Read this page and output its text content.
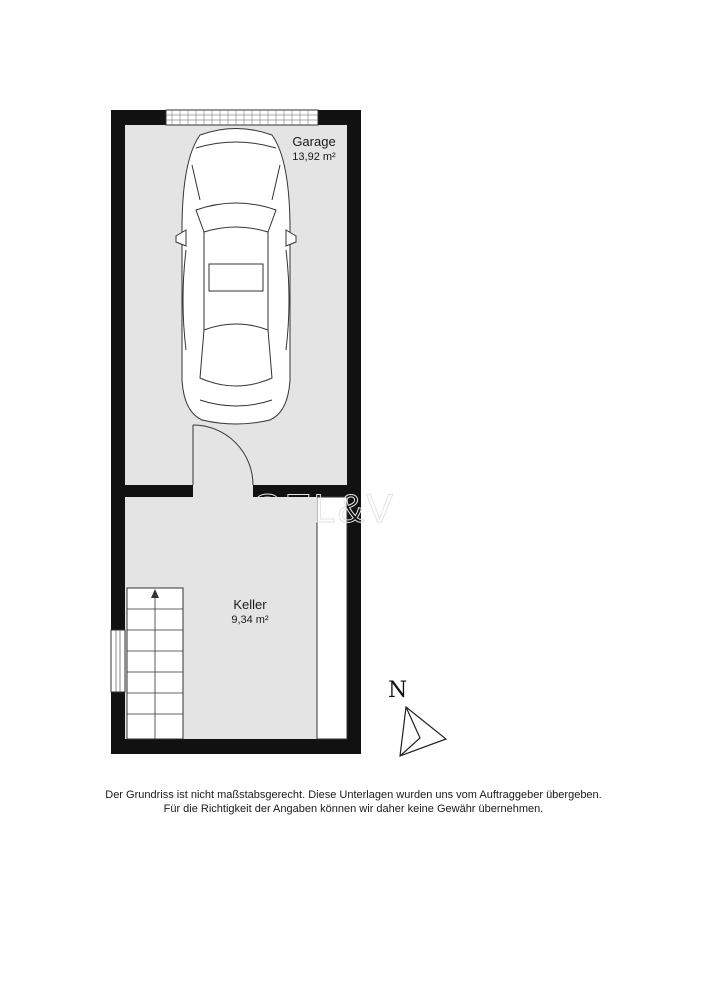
ENGEL&V
Garage
13,92 m²
Keller
9,34 m²
N
Der Grundriss ist nicht maßstabsgerecht. Diese Unterlagen wurden uns vom Auftraggeber übergeben.
Für die Richtigkeit der Angaben können wir daher keine Gewähr übernehmen.
